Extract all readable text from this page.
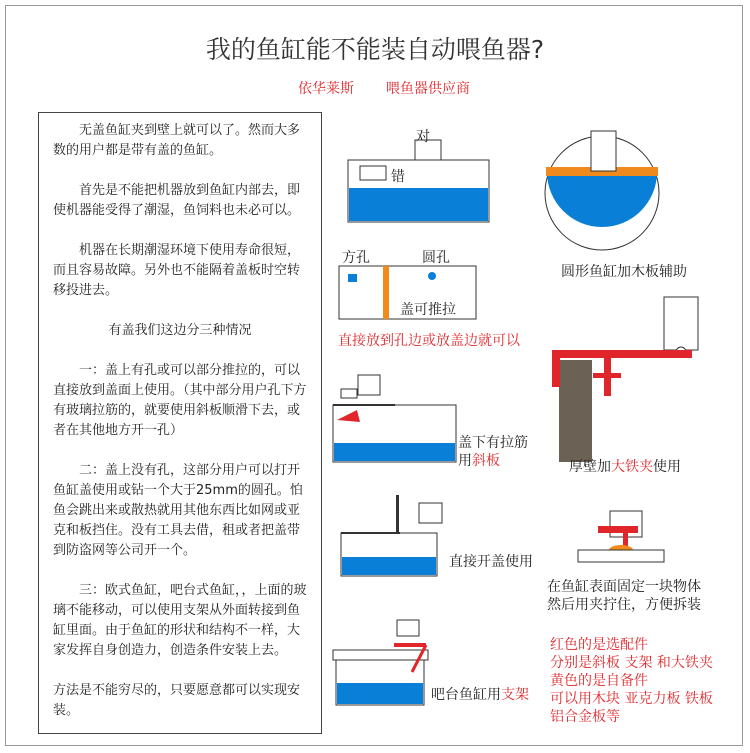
我的鱼缸能不能装自动喂鱼器?
依华莱斯 喂鱼器供应商

无盖鱼缸夹到壁上就可以了。然而大多数的用户都是带有盖的鱼缸。

首先是不能把机器放到鱼缸内部去，即使机器能受得了潮湿，鱼饲料也未必可以。

机器在长期潮湿环境下使用寿命很短，而且容易故障。另外也不能隔着盖板时空转移投进去。

有盖我们这边分三种情况

一：盖上有孔或可以部分推拉的，可以直接放到盖面上使用。（其中部分用户孔下方有玻璃拉筋的，就要使用斜板顺滑下去，或者在其他地方开一孔）

二：盖上没有孔，这部分用户可以打开鱼缸盖使用或钻一个大于25mm的圆孔。怕鱼会跳出来或散热就用其他东西比如网或亚克和板挡住。没有工具去借，租或者把盖带到防盗网等公司开一个。

三：欧式鱼缸，吧台式鱼缸，，上面的玻璃不能移动，可以使用支架从外面转接到鱼缸里面。由于鱼缸的形状和结构不一样，大家发挥自身创造力，创造条件安装上去。

方法是不能穷尽的，只要愿意都可以实现安装。

对
错
方孔	圆孔
盖可推拉
直接放到孔边或放盖边就可以
圆形鱼缸加木板辅助
盖下有拉筋
用斜板	厚壁加大铁夹使用
直接开盖使用
在鱼缸表面固定一块物体
然后用夹拧住，方便拆装
吧台鱼缸用支架
红色的是选配件
分别是斜板 支架 和大铁夹
黄色的是自备件
可以用木块 亚克力板 铁板
铝合金板等
